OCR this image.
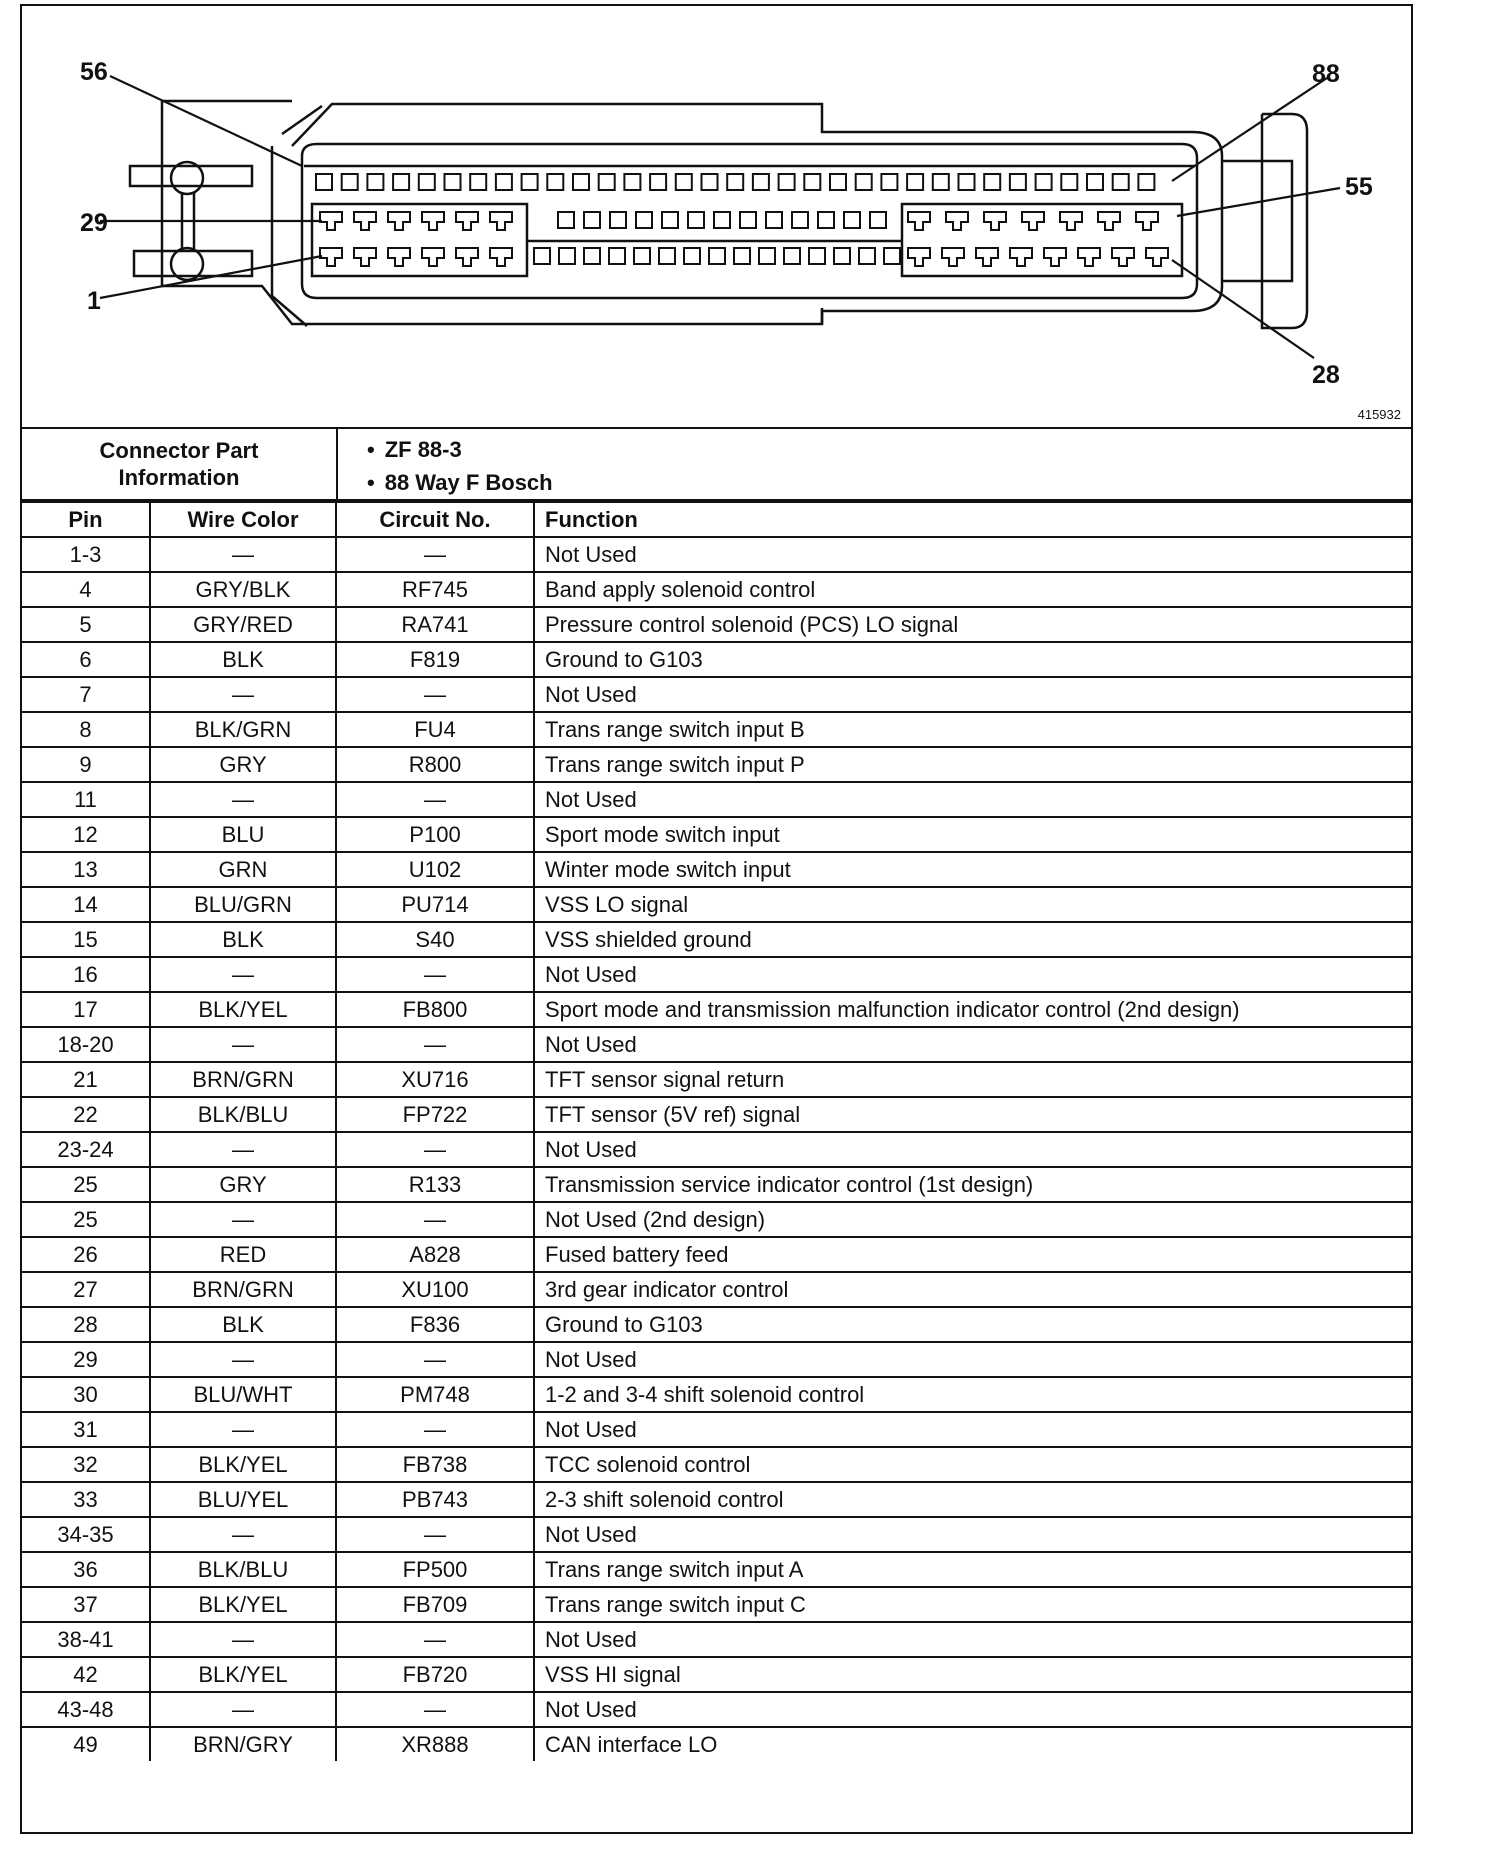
56	88
29
55
1
28
415932
Connector Part
Information
• ZF 88-3
• 88 Way F Bosch
Pin	Wire Color	Circuit No.	Function
1-3	—	—	Not Used
4	GRY/BLK	RF745	Band apply solenoid control
5	GRY/RED	RA741	Pressure control solenoid (PCS) LO signal
6	BLK	F819	Ground to G103
7	—	—	Not Used
8	BLK/GRN	FU4	Trans range switch input B
9	GRY	R800	Trans range switch input P
11	—	—	Not Used
12	BLU	P100	Sport mode switch input
13	GRN	U102	Winter mode switch input
14	BLU/GRN	PU714	VSS LO signal
15	BLK	S40	VSS shielded ground
16	—	—	Not Used
17	BLK/YEL	FB800	Sport mode and transmission malfunction indicator control (2nd design)
18-20	—	—	Not Used
21	BRN/GRN	XU716	TFT sensor signal return
22	BLK/BLU	FP722	TFT sensor (5V ref) signal
23-24	—	—	Not Used
25	GRY	R133	Transmission service indicator control (1st design)
25	—	—	Not Used (2nd design)
26	RED	A828	Fused battery feed
27	BRN/GRN	XU100	3rd gear indicator control
28	BLK	F836	Ground to G103
29	—	—	Not Used
30	BLU/WHT	PM748	1-2 and 3-4 shift solenoid control
31	—	—	Not Used
32	BLK/YEL	FB738	TCC solenoid control
33	BLU/YEL	PB743	2-3 shift solenoid control
34-35	—	—	Not Used
36	BLK/BLU	FP500	Trans range switch input A
37	BLK/YEL	FB709	Trans range switch input C
38-41	—	—	Not Used
42	BLK/YEL	FB720	VSS HI signal
43-48	—	—	Not Used
49	BRN/GRY	XR888	CAN interface LO
